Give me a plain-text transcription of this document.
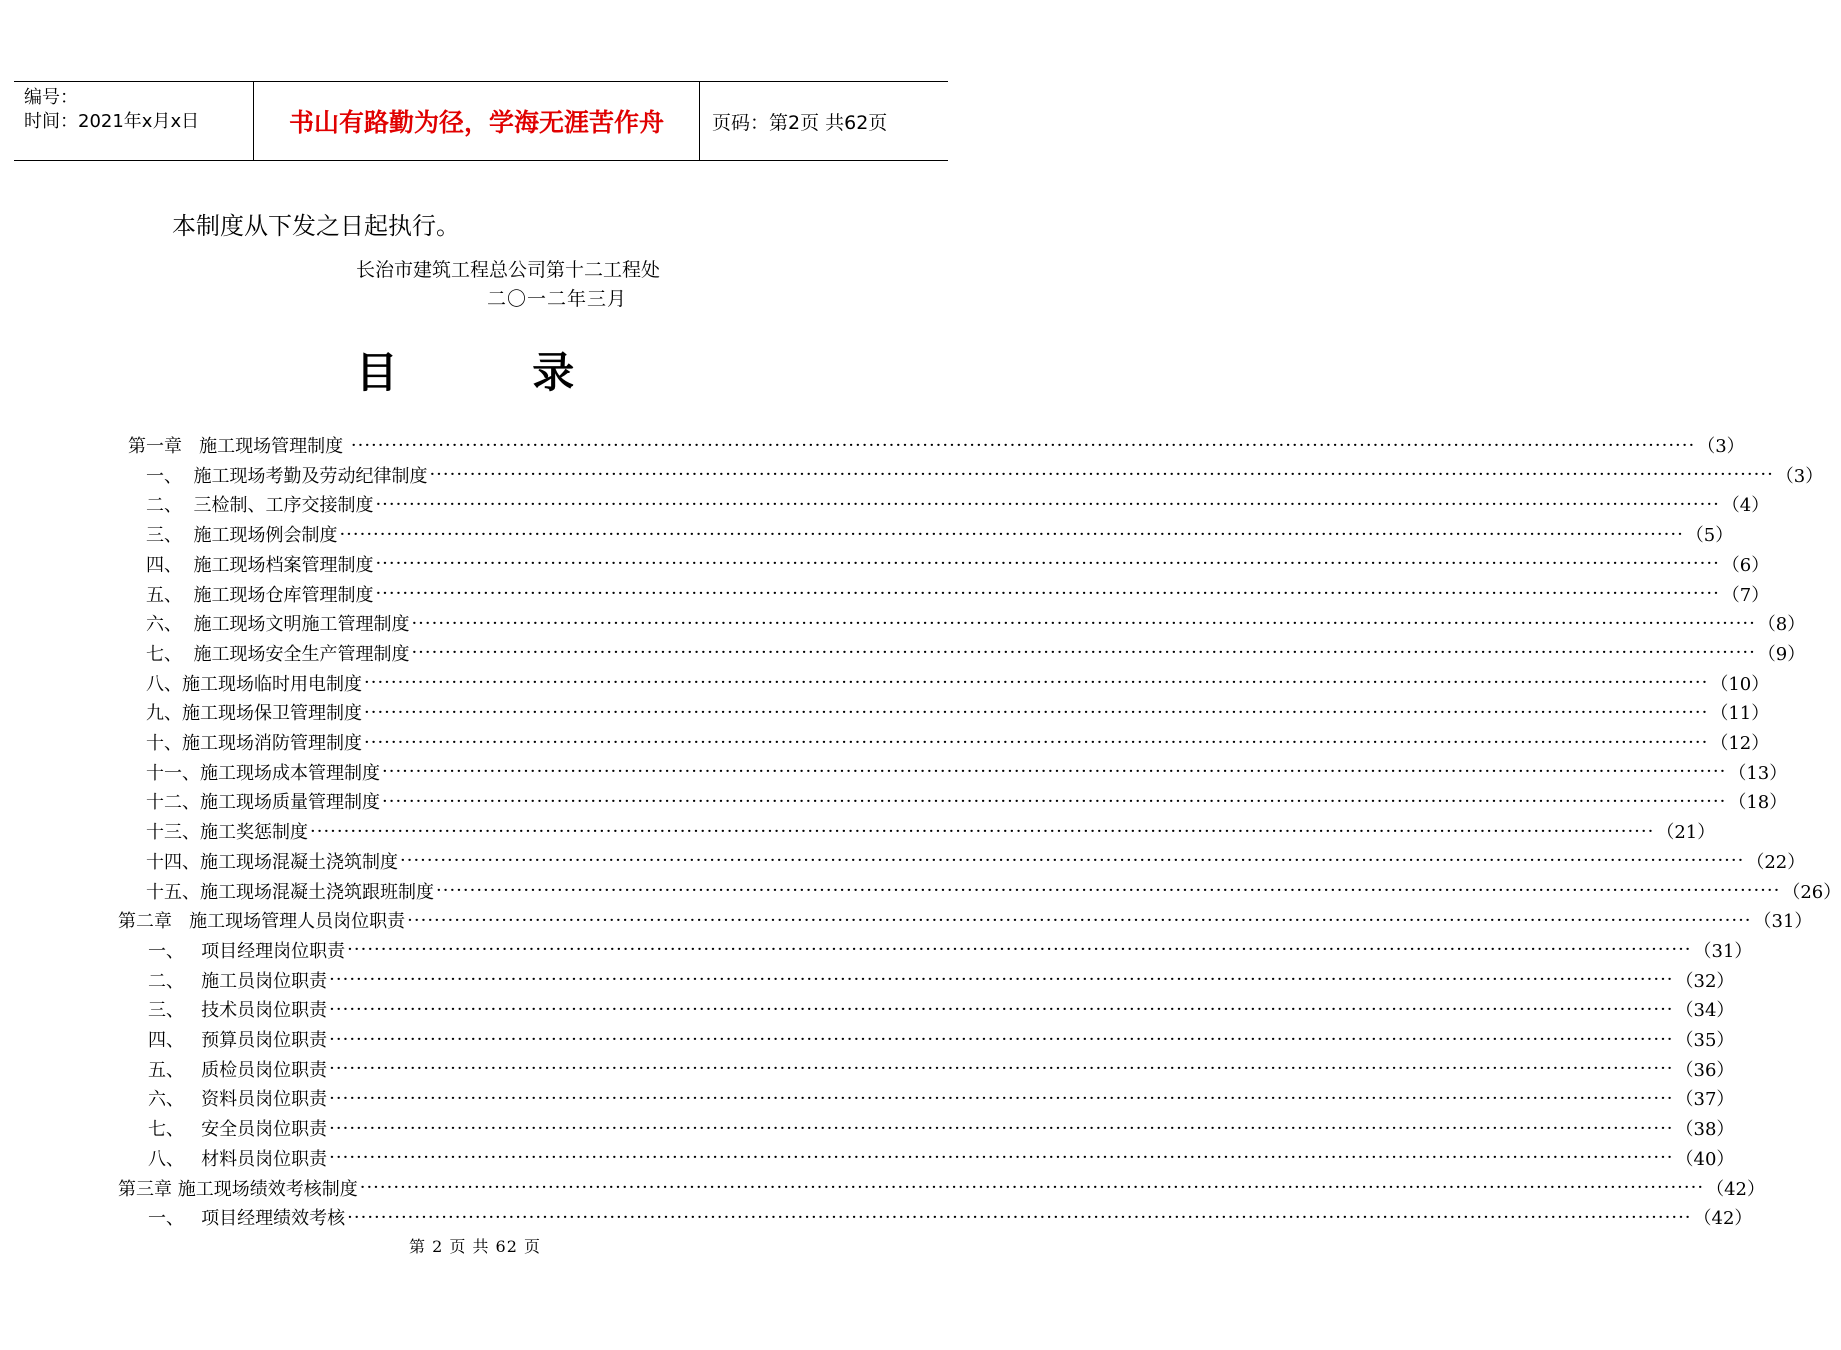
编号：
时间：2021年x月x日	书山有路勤为径，学海无涯苦作舟	页码：第2页 共62页
本制度从下发之日起执行。
长治市建筑工程总公司第十二工程处
二〇一二年三月
目 录
第一章   施工现场管理制度 ········································································································································································································ （3）
一、  施工现场考勤及劳动纪律制度 ········································································································································································································ （3）
二、  三检制、工序交接制度 ········································································································································································································ （4）
三、  施工现场例会制度 ········································································································································································································ （5）
四、  施工现场档案管理制度 ········································································································································································································ （6）
五、  施工现场仓库管理制度 ········································································································································································································ （7）
六、  施工现场文明施工管理制度 ········································································································································································································ （8）
七、  施工现场安全生产管理制度 ········································································································································································································ （9）
八、施工现场临时用电制度 ········································································································································································································ （10）
九、施工现场保卫管理制度 ········································································································································································································ （11）
十、施工现场消防管理制度 ········································································································································································································ （12）
十一、施工现场成本管理制度 ········································································································································································································ （13）
十二、施工现场质量管理制度 ········································································································································································································ （18）
十三、施工奖惩制度 ········································································································································································································ （21）
十四、施工现场混凝土浇筑制度 ········································································································································································································ （22）
十五、施工现场混凝土浇筑跟班制度 ········································································································································································································ （26）
第二章   施工现场管理人员岗位职责 ········································································································································································································ （31）
一、   项目经理岗位职责 ········································································································································································································ （31）
二、   施工员岗位职责 ········································································································································································································ （32）
三、   技术员岗位职责 ········································································································································································································ （34）
四、   预算员岗位职责 ········································································································································································································ （35）
五、   质检员岗位职责 ········································································································································································································ （36）
六、   资料员岗位职责 ········································································································································································································ （37）
七、   安全员岗位职责 ········································································································································································································ （38）
八、   材料员岗位职责 ········································································································································································································ （40）
第三章 施工现场绩效考核制度 ········································································································································································································ （42）
一、   项目经理绩效考核 ········································································································································································································ （42）
第 2 页 共 62 页
